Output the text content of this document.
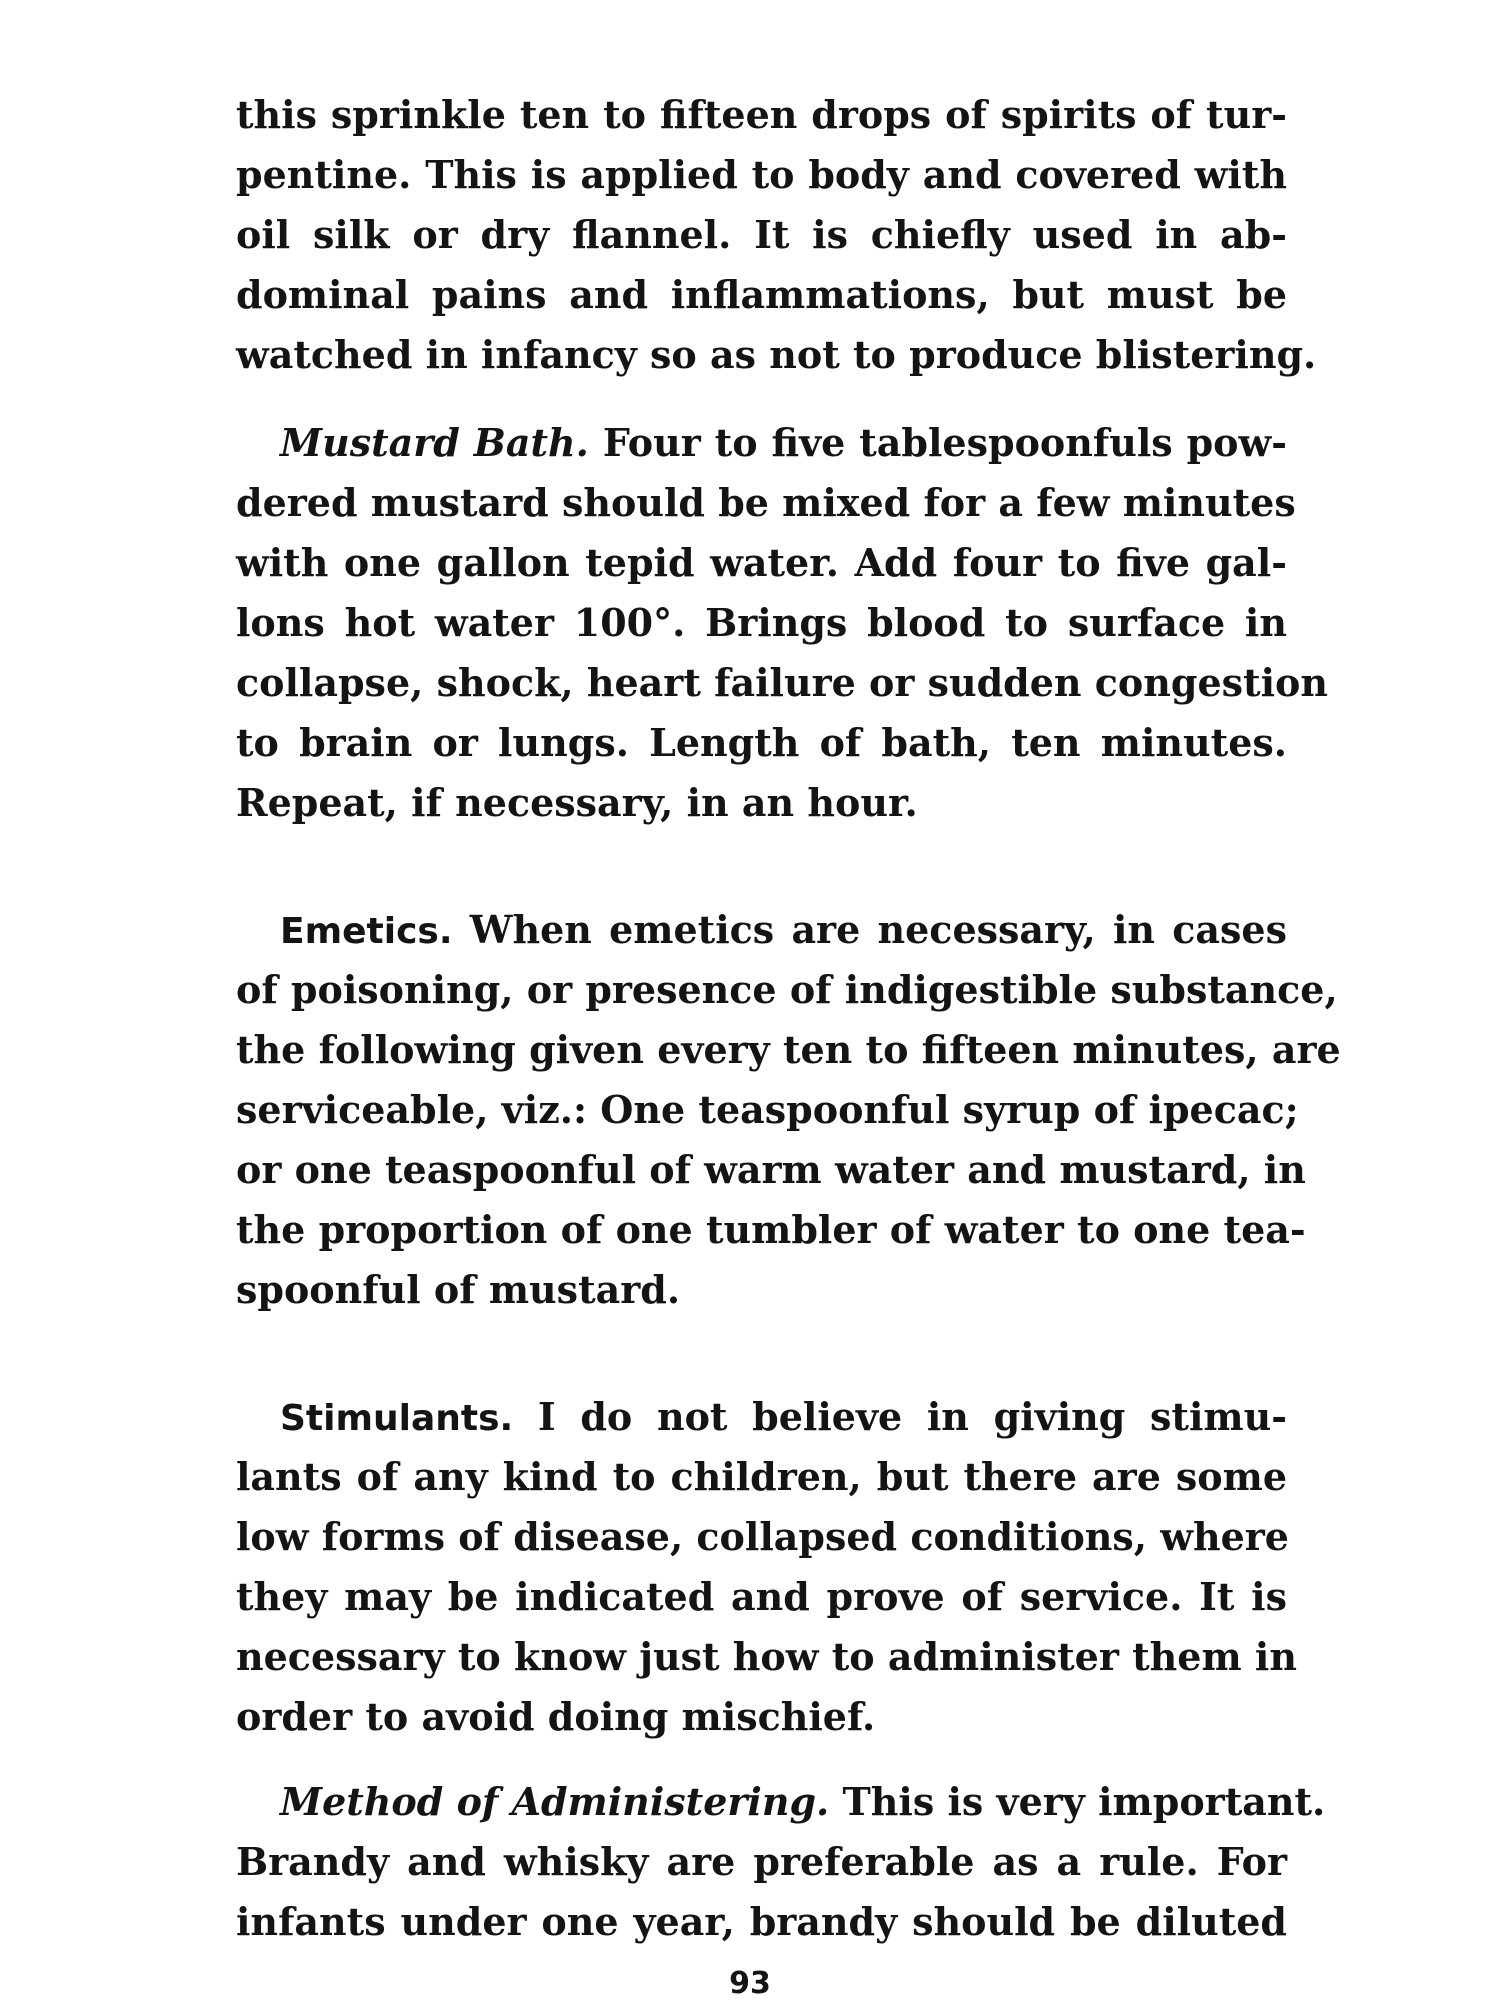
this sprinkle ten to fifteen drops of spirits of tur-
pentine. This is applied to body and covered with
oil silk or dry flannel. It is chiefly used in ab-
dominal pains and inflammations, but must be
watched in infancy so as not to produce blistering.
Mustard Bath. Four to five tablespoonfuls pow-
dered mustard should be mixed for a few minutes
with one gallon tepid water. Add four to five gal-
lons hot water 100°. Brings blood to surface in
collapse, shock, heart failure or sudden congestion
to brain or lungs. Length of bath, ten minutes.
Repeat, if necessary, in an hour.
Emetics. When emetics are necessary, in cases
of poisoning, or presence of indigestible substance,
the following given every ten to fifteen minutes, are
serviceable, viz.: One teaspoonful syrup of ipecac;
or one teaspoonful of warm water and mustard, in
the proportion of one tumbler of water to one tea-
spoonful of mustard.
Stimulants. I do not believe in giving stimu-
lants of any kind to children, but there are some
low forms of disease, collapsed conditions, where
they may be indicated and prove of service. It is
necessary to know just how to administer them in
order to avoid doing mischief.
Method of Administering. This is very important.
Brandy and whisky are preferable as a rule. For
infants under one year, brandy should be diluted
93
